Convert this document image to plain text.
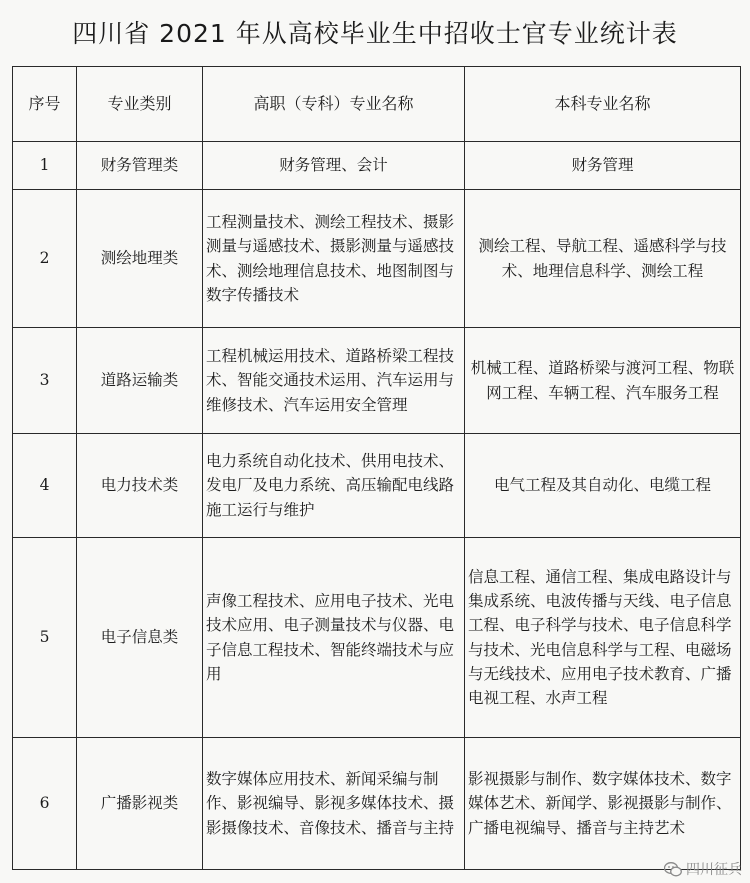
四川省 2021 年从高校毕业生中招收士官专业统计表
序号	专业类别	高职（专科）专业名称	本科专业名称
1	财务管理类	财务管理、会计	财务管理
2	测绘地理类	工程测量技术、测绘工程技术、摄影测量与遥感技术、摄影测量与遥感技术、测绘地理信息技术、地图制图与数字传播技术	测绘工程、导航工程、遥感科学与技术、地理信息科学、测绘工程
3	道路运输类	工程机械运用技术、道路桥梁工程技术、智能交通技术运用、汽车运用与维修技术、汽车运用安全管理	机械工程、道路桥梁与渡河工程、物联网工程、车辆工程、汽车服务工程
4	电力技术类	电力系统自动化技术、供用电技术、发电厂及电力系统、高压输配电线路施工运行与维护	电气工程及其自动化、电缆工程
5	电子信息类	声像工程技术、应用电子技术、光电技术应用、电子测量技术与仪器、电子信息工程技术、智能终端技术与应用	信息工程、通信工程、集成电路设计与集成系统、电波传播与天线、电子信息工程、电子科学与技术、电子信息科学与技术、光电信息科学与工程、电磁场与无线技术、应用电子技术教育、广播电视工程、水声工程
6	广播影视类	数字媒体应用技术、新闻采编与制作、影视编导、影视多媒体技术、摄影摄像技术、音像技术、播音与主持	影视摄影与制作、数字媒体技术、数字媒体艺术、新闻学、影视摄影与制作、广播电视编导、播音与主持艺术
四川征兵
